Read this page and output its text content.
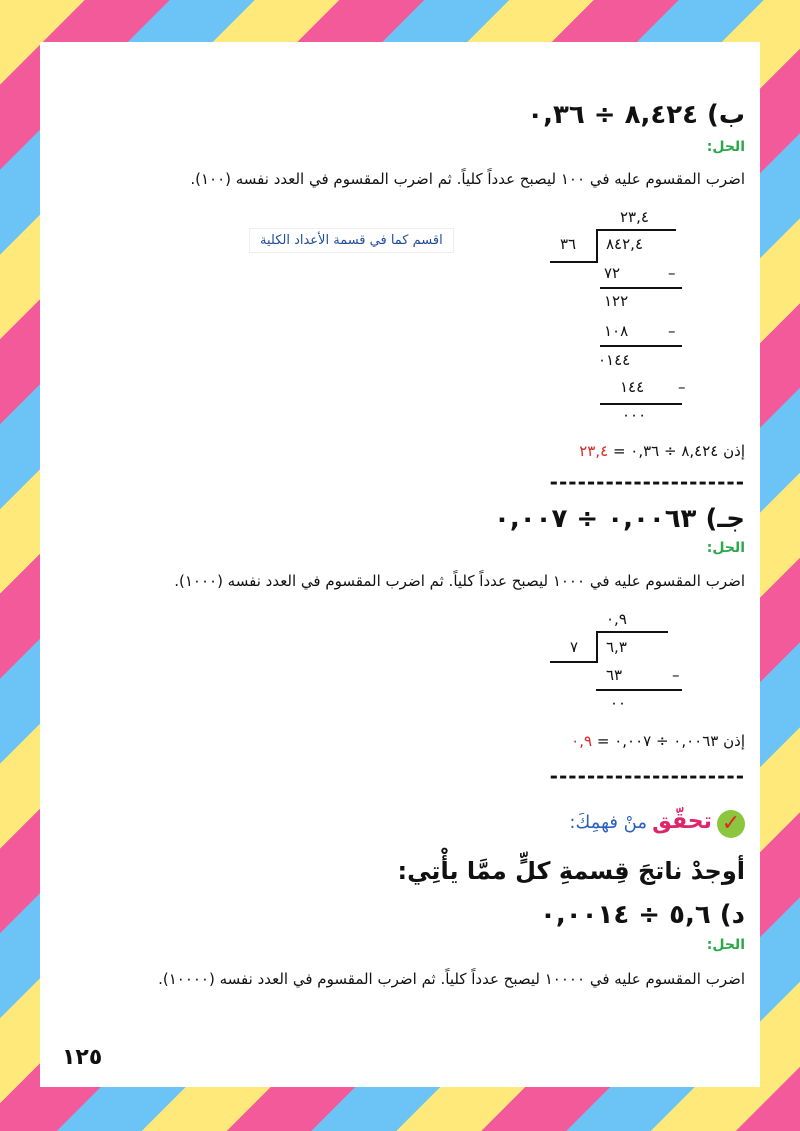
ب) ٨,٤٢٤ ÷ ٠,٣٦
الحل:
اضرب المقسوم عليه في ١٠٠ ليصبح عدداً كلياً. ثم اضرب المقسوم في العدد نفسه (١٠٠).
اقسم كما في قسمة الأعداد الكلية
٢٣,٤
٣٦ ٨٤٢,٤
٧٢	–
١٢٢
١٠٨	–
٠١٤٤
١٤٤ –
٠٠٠
إذن ٨,٤٢٤ ÷ ٠,٣٦ = ٢٣,٤
---------------------
جـ) ٠,٠٠٦٣ ÷ ٠,٠٠٧
الحل:
اضرب المقسوم عليه في ١٠٠٠ ليصبح عدداً كلياً. ثم اضرب المقسوم في العدد نفسه (١٠٠٠).
٠,٩
٧ ٦,٣
٦٣	–
٠٠
إذن ٠,٠٠٦٣ ÷ ٠,٠٠٧ = ٠,٩
---------------------
✓ تحقّق منْ فهمِكَ:
أوجدْ ناتجَ قِسمةِ كلٍّ ممَّا يأْتِي:
د) ٥,٦ ÷ ٠,٠٠١٤
الحل:
اضرب المقسوم عليه في ١٠٠٠٠ ليصبح عدداً كلياً. ثم اضرب المقسوم في العدد نفسه (١٠٠٠٠).
١٢٥
